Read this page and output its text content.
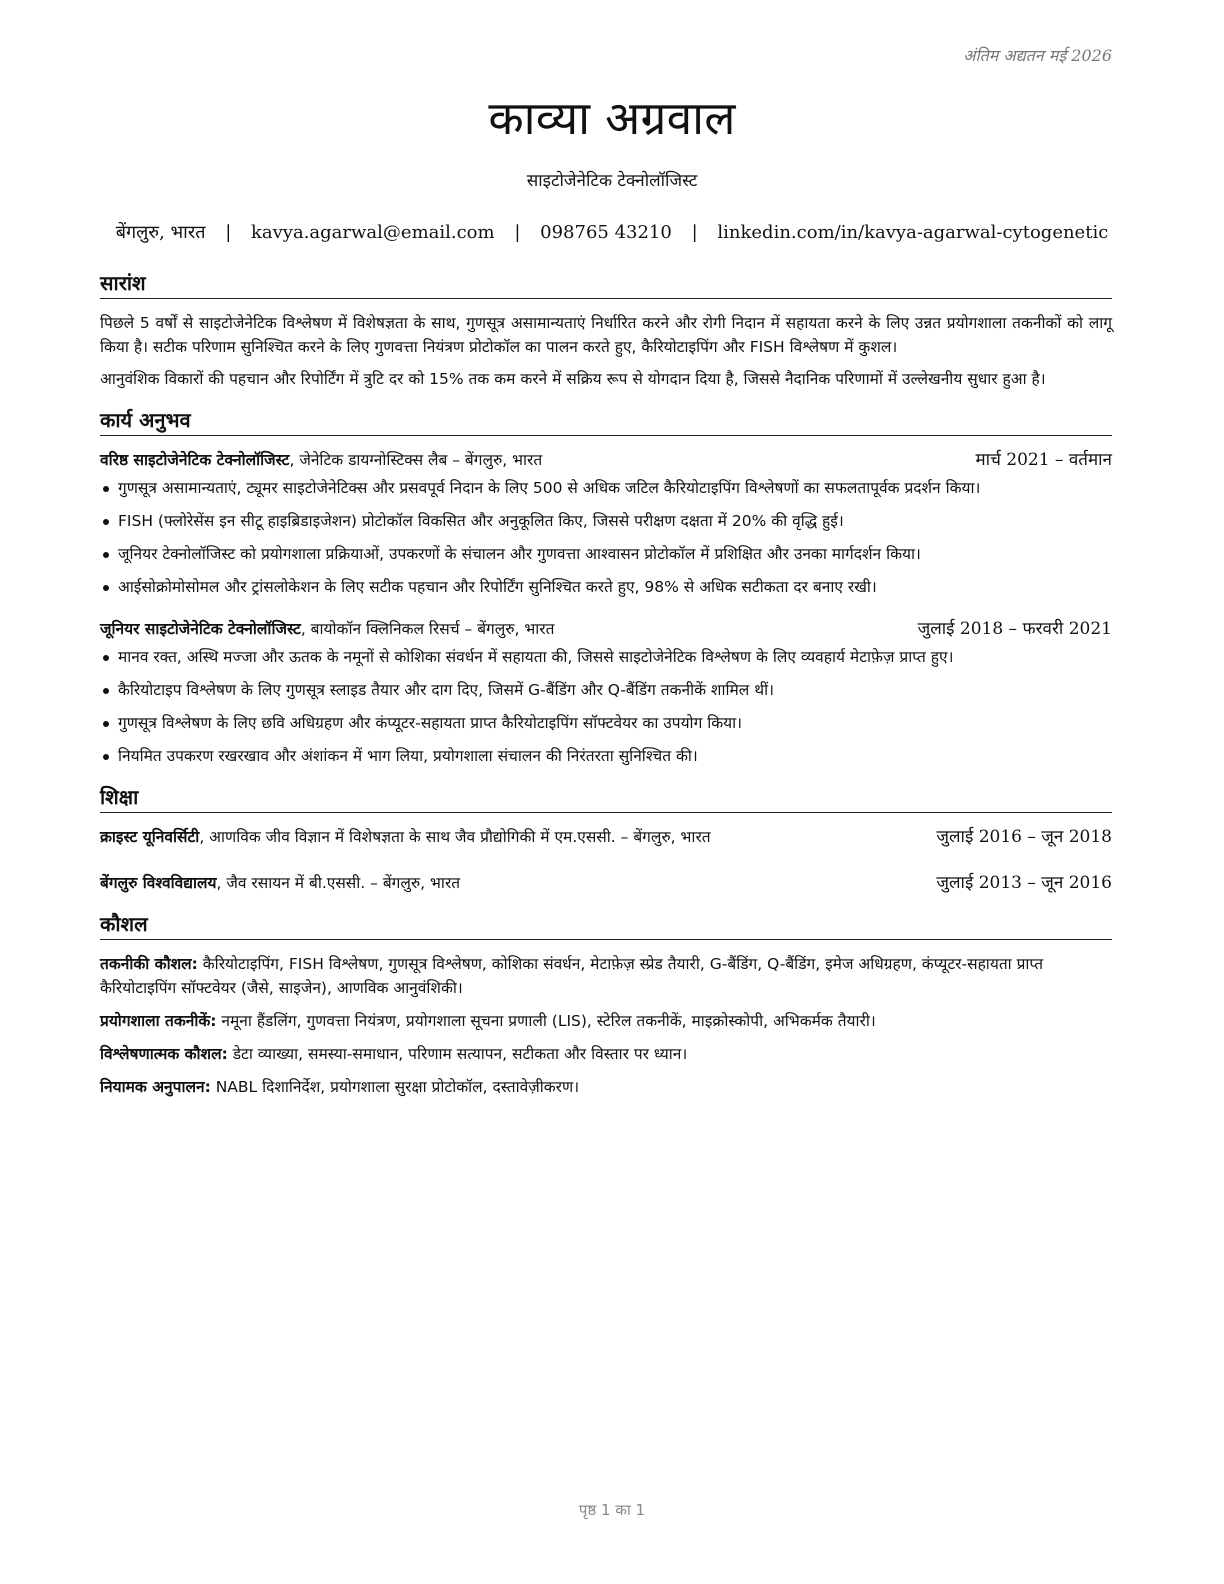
अंतिम अद्यतन मई 2026
काव्या अग्रवाल
साइटोजेनेटिक टेक्नोलॉजिस्ट
बेंगलुरु, भारत | kavya.agarwal@email.com | 098765 43210 | linkedin.com/in/kavya-agarwal-cytogenetic
सारांश

पिछले 5 वर्षों से साइटोजेनेटिक विश्लेषण में विशेषज्ञता के साथ, गुणसूत्र असामान्यताएं निर्धारित करने और रोगी निदान में सहायता करने के लिए उन्नत प्रयोगशाला तकनीकों को लागू किया है। सटीक परिणाम सुनिश्चित करने के लिए गुणवत्ता नियंत्रण प्रोटोकॉल का पालन करते हुए, कैरियोटाइपिंग और FISH विश्लेषण में कुशल।

आनुवंशिक विकारों की पहचान और रिपोर्टिंग में त्रुटि दर को 15% तक कम करने में सक्रिय रूप से योगदान दिया है, जिससे नैदानिक परिणामों में उल्लेखनीय सुधार हुआ है।

कार्य अनुभव
वरिष्ठ साइटोजेनेटिक टेक्नोलॉजिस्ट, जेनेटिक डायग्नोस्टिक्स लैब – बेंगलुरु, भारत	मार्च 2021 – वर्तमान
गुणसूत्र असामान्यताएं, ट्यूमर साइटोजेनेटिक्स और प्रसवपूर्व निदान के लिए 500 से अधिक जटिल कैरियोटाइपिंग विश्लेषणों का सफलतापूर्वक प्रदर्शन किया।
FISH (फ्लोरेसेंस इन सीटू हाइब्रिडाइजेशन) प्रोटोकॉल विकसित और अनुकूलित किए, जिससे परीक्षण दक्षता में 20% की वृद्धि हुई।
जूनियर टेक्नोलॉजिस्ट को प्रयोगशाला प्रक्रियाओं, उपकरणों के संचालन और गुणवत्ता आश्वासन प्रोटोकॉल में प्रशिक्षित और उनका मार्गदर्शन किया।
आईसोक्रोमोसोमल और ट्रांसलोकेशन के लिए सटीक पहचान और रिपोर्टिंग सुनिश्चित करते हुए, 98% से अधिक सटीकता दर बनाए रखी।
जूनियर साइटोजेनेटिक टेक्नोलॉजिस्ट, बायोकॉन क्लिनिकल रिसर्च – बेंगलुरु, भारत	जुलाई 2018 – फरवरी 2021
मानव रक्त, अस्थि मज्जा और ऊतक के नमूनों से कोशिका संवर्धन में सहायता की, जिससे साइटोजेनेटिक विश्लेषण के लिए व्यवहार्य मेटाफ़ेज़ प्राप्त हुए।
कैरियोटाइप विश्लेषण के लिए गुणसूत्र स्लाइड तैयार और दाग दिए, जिसमें G-बैंडिंग और Q-बैंडिंग तकनीकें शामिल थीं।
गुणसूत्र विश्लेषण के लिए छवि अधिग्रहण और कंप्यूटर-सहायता प्राप्त कैरियोटाइपिंग सॉफ्टवेयर का उपयोग किया।
नियमित उपकरण रखरखाव और अंशांकन में भाग लिया, प्रयोगशाला संचालन की निरंतरता सुनिश्चित की।
शिक्षा
क्राइस्ट यूनिवर्सिटी, आणविक जीव विज्ञान में विशेषज्ञता के साथ जैव प्रौद्योगिकी में एम.एससी. – बेंगलुरु, भारत	जुलाई 2016 – जून 2018
बेंगलुरु विश्वविद्यालय, जैव रसायन में बी.एससी. – बेंगलुरु, भारत	जुलाई 2013 – जून 2016
कौशल
तकनीकी कौशल: कैरियोटाइपिंग, FISH विश्लेषण, गुणसूत्र विश्लेषण, कोशिका संवर्धन, मेटाफ़ेज़ स्प्रेड तैयारी, G-बैंडिंग, Q-बैंडिंग, इमेज अधिग्रहण, कंप्यूटर-सहायता प्राप्त कैरियोटाइपिंग सॉफ्टवेयर (जैसे, साइजेन), आणविक आनुवंशिकी।
प्रयोगशाला तकनीकें: नमूना हैंडलिंग, गुणवत्ता नियंत्रण, प्रयोगशाला सूचना प्रणाली (LIS), स्टेरिल तकनीकें, माइक्रोस्कोपी, अभिकर्मक तैयारी।
विश्लेषणात्मक कौशल: डेटा व्याख्या, समस्या-समाधान, परिणाम सत्यापन, सटीकता और विस्तार पर ध्यान।
नियामक अनुपालन: NABL दिशानिर्देश, प्रयोगशाला सुरक्षा प्रोटोकॉल, दस्तावेज़ीकरण।
पृष्ठ 1 का 1
